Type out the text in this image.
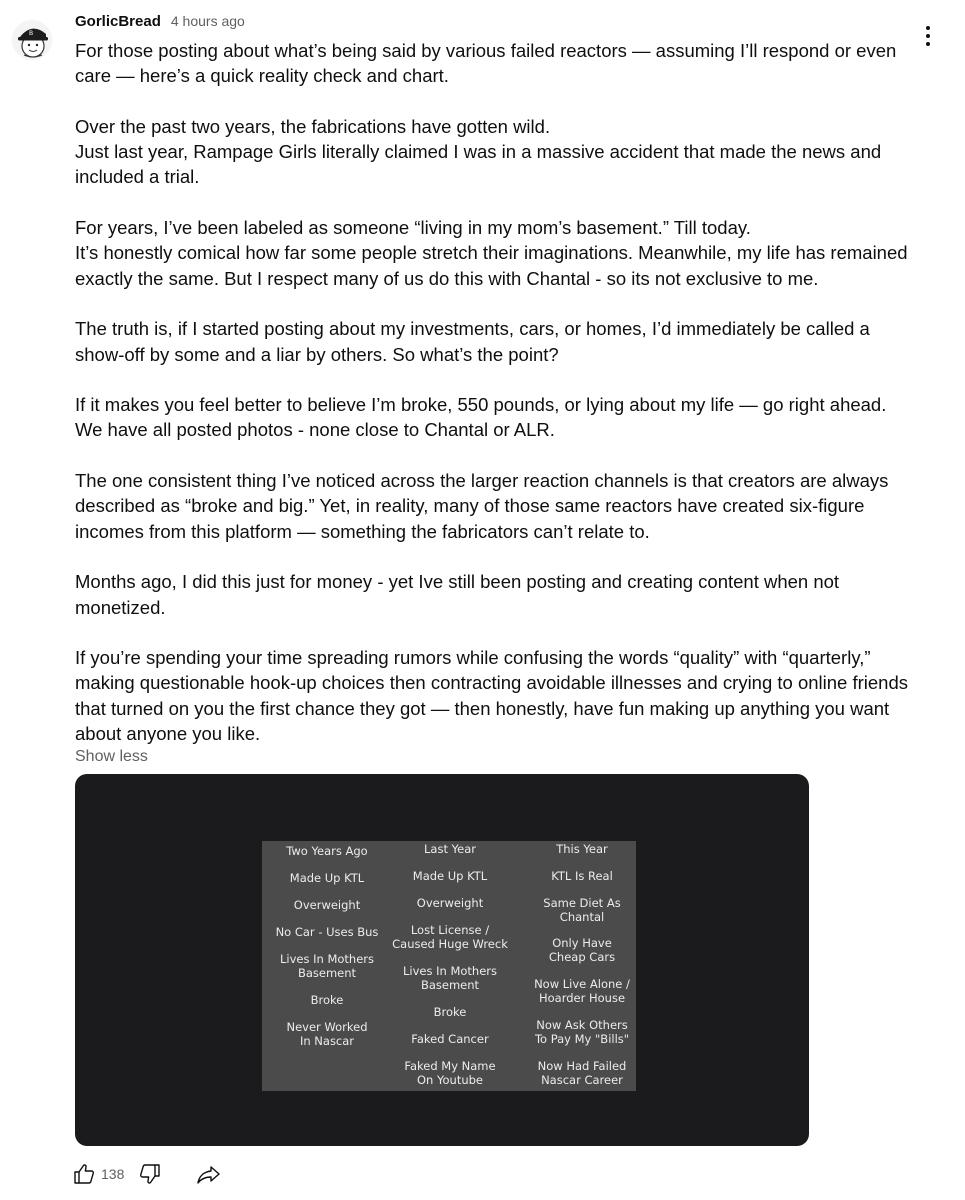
B
GorlicBread 4 hours ago

For those posting about what’s being said by various failed reactors — assuming I’ll respond or even care — here’s a quick reality check and chart.

Over the past two years, the fabrications have gotten wild.
Just last year, Rampage Girls literally claimed I was in a massive accident that made the news and included a trial.

For years, I’ve been labeled as someone “living in my mom’s basement.” Till today.
It’s honestly comical how far some people stretch their imaginations. Meanwhile, my life has remained exactly the same. But I respect many of us do this with Chantal - so its not exclusive to me.

The truth is, if I started posting about my investments, cars, or homes, I’d immediately be called a show-off by some and a liar by others. So what’s the point?

If it makes you feel better to believe I’m broke, 550 pounds, or lying about my life — go right ahead. We have all posted photos - none close to Chantal or ALR.

The one consistent thing I’ve noticed across the larger reaction channels is that creators are always described as “broke and big.” Yet, in reality, many of those same reactors have created six-figure incomes from this platform — something the fabricators can’t relate to.

Months ago, I did this just for money - yet Ive still been posting and creating content when not monetized.

If you’re spending your time spreading rumors while confusing the words “quality” with “quarterly,” making questionable hook-up choices then contracting avoidable illnesses and crying to online friends that turned on you the first chance they got — then honestly, have fun making up anything you want about anyone you like.

Show less
Two Years Ago
Made Up KTL
Overweight
No Car - Uses Bus
Lives In Mothers
Basement
Broke
Never Worked
In Nascar
Last Year
Made Up KTL
Overweight
Lost License /
Caused Huge Wreck
Lives In Mothers
Basement
Broke
Faked Cancer
Faked My Name
On Youtube
This Year
KTL Is Real
Same Diet As
Chantal
Only Have
Cheap Cars
Now Live Alone /
Hoarder House
Now Ask Others
To Pay My "Bills"
Now Had Failed
Nascar Career
138
